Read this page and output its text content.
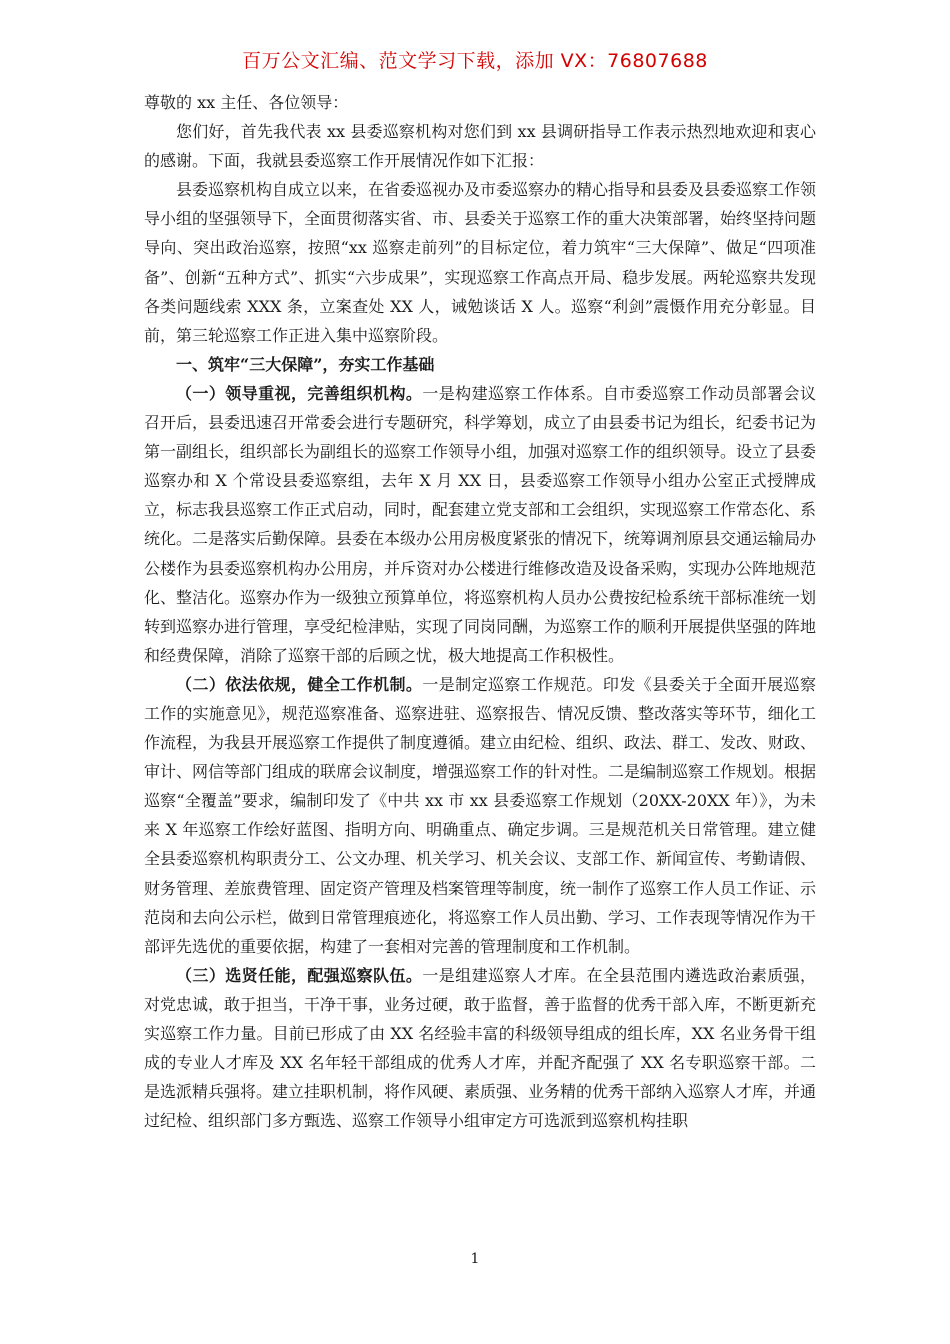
百万公文汇编、范文学习下载，添加 VX：76807688

尊敬的 xx 主任、各位领导：

您们好，首先我代表 xx 县委巡察机构对您们到 xx 县调研指导工作表示热烈地欢迎和衷心的感谢。下面，我就县委巡察工作开展情况作如下汇报：

县委巡察机构自成立以来，在省委巡视办及市委巡察办的精心指导和县委及县委巡察工作领导小组的坚强领导下，全面贯彻落实省、市、县委关于巡察工作的重大决策部署，始终坚持问题导向、突出政治巡察，按照“xx 巡察走前列”的目标定位，着力筑牢“三大保障”、做足“四项准备”、创新“五种方式”、抓实“六步成果”，实现巡察工作高点开局、稳步发展。两轮巡察共发现各类问题线索 XXX 条，立案查处 XX 人，诫勉谈话 X 人。巡察“利剑”震慑作用充分彰显。目前，第三轮巡察工作正进入集中巡察阶段。

一、筑牢“三大保障”，夯实工作基础

（一）领导重视，完善组织机构。一是构建巡察工作体系。自市委巡察工作动员部署会议召开后，县委迅速召开常委会进行专题研究，科学筹划，成立了由县委书记为组长，纪委书记为第一副组长，组织部长为副组长的巡察工作领导小组，加强对巡察工作的组织领导。设立了县委巡察办和 X 个常设县委巡察组，去年 X 月 XX 日，县委巡察工作领导小组办公室正式授牌成立，标志我县巡察工作正式启动，同时，配套建立党支部和工会组织，实现巡察工作常态化、系统化。二是落实后勤保障。县委在本级办公用房极度紧张的情况下，统筹调剂原县交通运输局办公楼作为县委巡察机构办公用房，并斥资对办公楼进行维修改造及设备采购，实现办公阵地规范化、整洁化。巡察办作为一级独立预算单位，将巡察机构人员办公费按纪检系统干部标准统一划转到巡察办进行管理，享受纪检津贴，实现了同岗同酬，为巡察工作的顺利开展提供坚强的阵地和经费保障，消除了巡察干部的后顾之忧，极大地提高工作积极性。

（二）依法依规，健全工作机制。一是制定巡察工作规范。印发《县委关于全面开展巡察工作的实施意见》，规范巡察准备、巡察进驻、巡察报告、情况反馈、整改落实等环节，细化工作流程，为我县开展巡察工作提供了制度遵循。建立由纪检、组织、政法、群工、发改、财政、审计、网信等部门组成的联席会议制度，增强巡察工作的针对性。二是编制巡察工作规划。根据巡察“全覆盖”要求，编制印发了《中共 xx 市 xx 县委巡察工作规划（20XX-20XX 年）》，为未来 X 年巡察工作绘好蓝图、指明方向、明确重点、确定步调。三是规范机关日常管理。建立健全县委巡察机构职责分工、公文办理、机关学习、机关会议、支部工作、新闻宣传、考勤请假、财务管理、差旅费管理、固定资产管理及档案管理等制度，统一制作了巡察工作人员工作证、示范岗和去向公示栏，做到日常管理痕迹化，将巡察工作人员出勤、学习、工作表现等情况作为干部评先选优的重要依据，构建了一套相对完善的管理制度和工作机制。

（三）选贤任能，配强巡察队伍。一是组建巡察人才库。在全县范围内遴选政治素质强，对党忠诚，敢于担当，干净干事，业务过硬，敢于监督，善于监督的优秀干部入库，不断更新充实巡察工作力量。目前已形成了由 XX 名经验丰富的科级领导组成的组长库，XX 名业务骨干组成的专业人才库及 XX 名年轻干部组成的优秀人才库，并配齐配强了 XX 名专职巡察干部。二是选派精兵强将。建立挂职机制，将作风硬、素质强、业务精的优秀干部纳入巡察人才库，并通过纪检、组织部门多方甄选、巡察工作领导小组审定方可选派到巡察机构挂职

1
